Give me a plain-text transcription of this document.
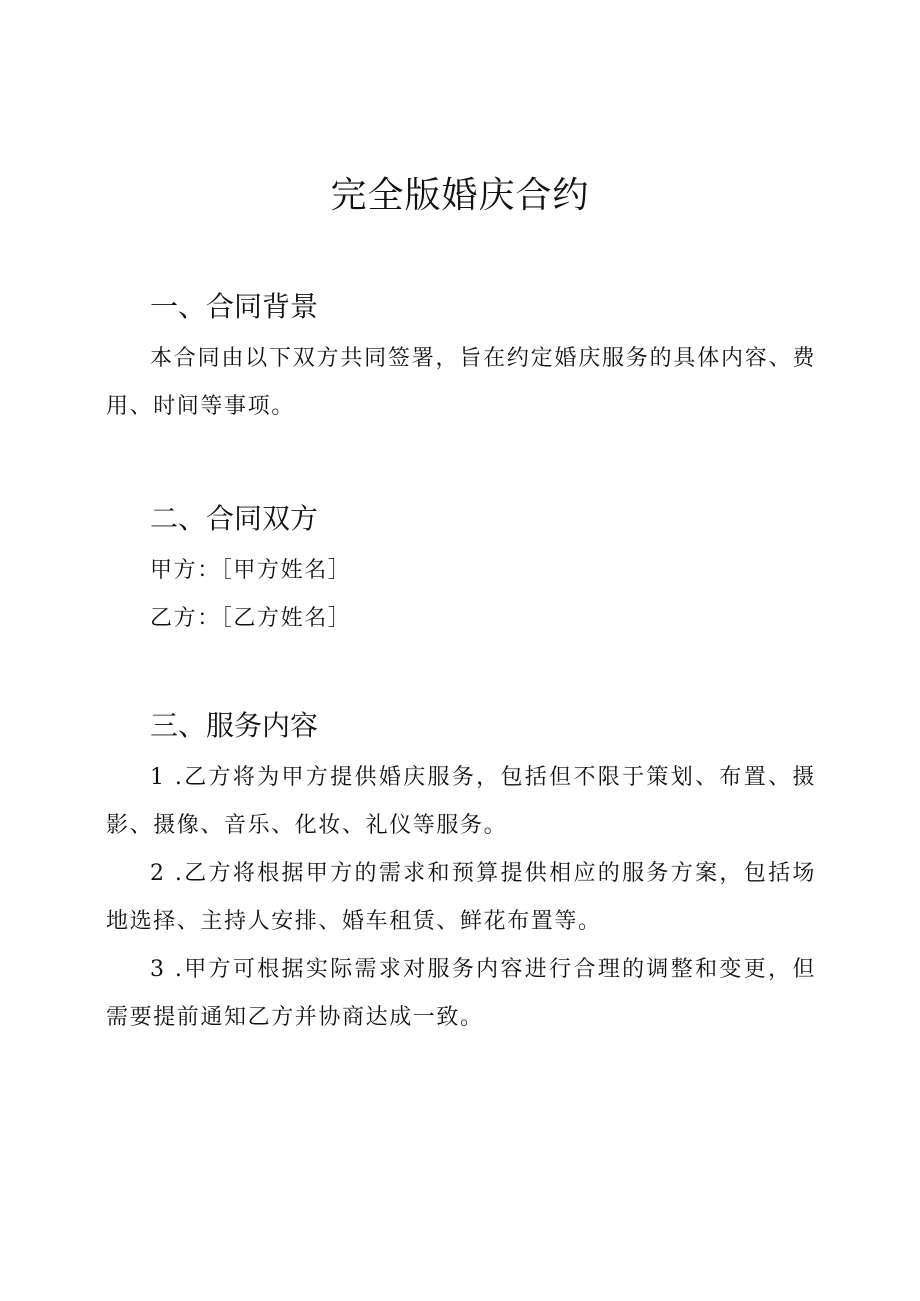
完全版婚庆合约
一、合同背景

本合同由以下双方共同签署，旨在约定婚庆服务的具体内容、费用、时间等事项。

二、合同双方

甲方：［甲方姓名］

乙方：［乙方姓名］

三、服务内容

1 .乙方将为甲方提供婚庆服务，包括但不限于策划、布置、摄影、摄像、音乐、化妆、礼仪等服务。

2 .乙方将根据甲方的需求和预算提供相应的服务方案，包括场地选择、主持人安排、婚车租赁、鲜花布置等。

3 .甲方可根据实际需求对服务内容进行合理的调整和变更，但需要提前通知乙方并协商达成一致。
